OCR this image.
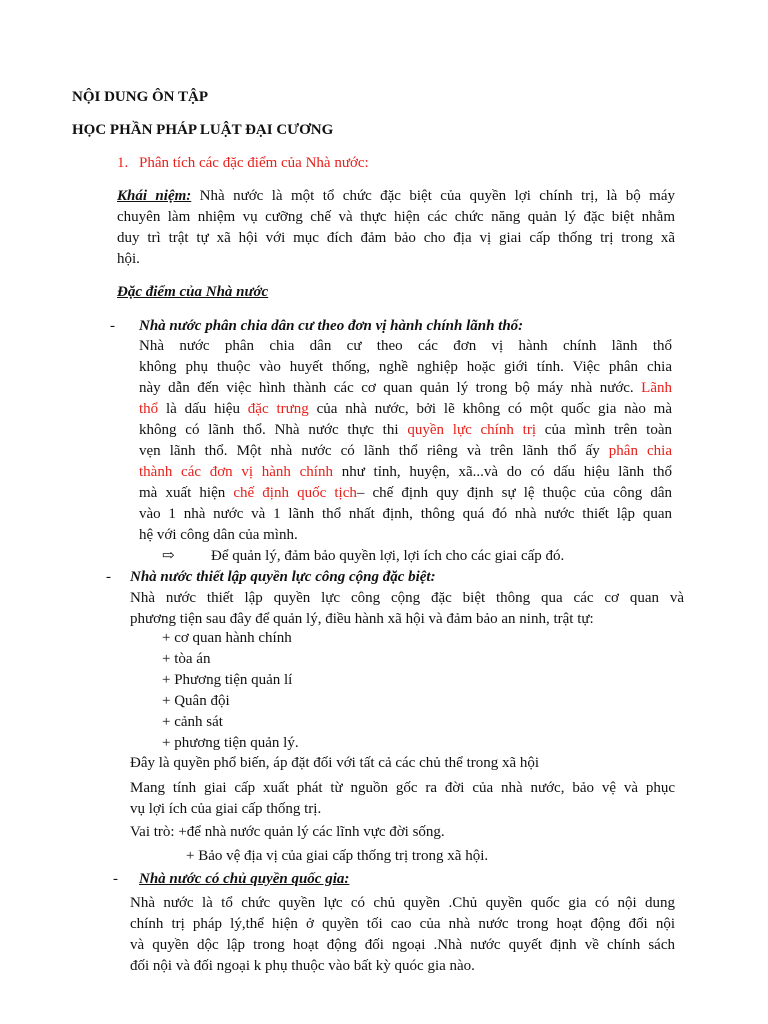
NỘI DUNG ÔN TẬP
HỌC PHẦN PHÁP LUẬT ĐẠI CƯƠNG
1. Phân tích các đặc điểm của Nhà nước:
Khái niệm: Nhà nước là một tổ chức đặc biệt của quyền lợi chính trị, là bộ máy
chuyên làm nhiệm vụ cưỡng chế và thực hiện các chức năng quản lý đặc biệt nhằm
duy trì trật tự xã hội với mục đích đảm bảo cho địa vị giai cấp thống trị trong xã
hội.
Đặc điểm của Nhà nước
- Nhà nước phân chia dân cư theo đơn vị hành chính lãnh thổ:
Nhà nước phân chia dân cư theo các đơn vị hành chính lãnh thổ
không phụ thuộc vào huyết thống, nghề nghiệp hoặc giới tính. Việc phân chia
này dẫn đến việc hình thành các cơ quan quản lý trong bộ máy nhà nước. Lãnh
thổ là dấu hiệu đặc trưng của nhà nước, bởi lẽ không có một quốc gia nào mà
không có lãnh thổ. Nhà nước thực thi quyền lực chính trị của mình trên toàn
vẹn lãnh thổ. Một nhà nước có lãnh thổ riêng và trên lãnh thổ ấy phân chia
thành các đơn vị hành chính như tỉnh, huyện, xã...và do có dấu hiệu lãnh thổ
mà xuất hiện chế định quốc tịch– chế định quy định sự lệ thuộc của công dân
vào 1 nhà nước và 1 lãnh thổ nhất định, thông quá đó nhà nước thiết lập quan
hệ với công dân của mình.
⇨ Để quản lý, đảm bảo quyền lợi, lợi ích cho các giai cấp đó.
- Nhà nước thiết lập quyền lực công cộng đặc biệt:
Nhà nước thiết lập quyền lực công cộng đặc biệt thông qua các cơ quan và
phương tiện sau đây để quản lý, điều hành xã hội và đảm bảo an ninh, trật tự:
+ cơ quan hành chính
+ tòa án
+ Phương tiện quản lí
+ Quân đội
+ cảnh sát
+ phương tiện quản lý.
Đây là quyền phổ biến, áp đặt đối với tất cả các chủ thể trong xã hội
Mang tính giai cấp xuất phát từ nguồn gốc ra đời của nhà nước, bảo vệ và phục
vụ lợi ích của giai cấp thống trị.
Vai trò: +để nhà nước quản lý các lĩnh vực đời sống.
+ Bảo vệ địa vị của giai cấp thống trị trong xã hội.
- Nhà nước có chủ quyền quốc gia:
Nhà nước là tổ chức quyền lực có chủ quyền .Chủ quyền quốc gia có nội dung
chính trị pháp lý,thể hiện ở quyền tối cao của nhà nước trong hoạt động đối nội
và quyền dộc lập trong hoạt động đối ngoại .Nhà nước quyết định về chính sách
đối nội và đối ngoại k phụ thuộc vào bất kỳ quóc gia nào.
